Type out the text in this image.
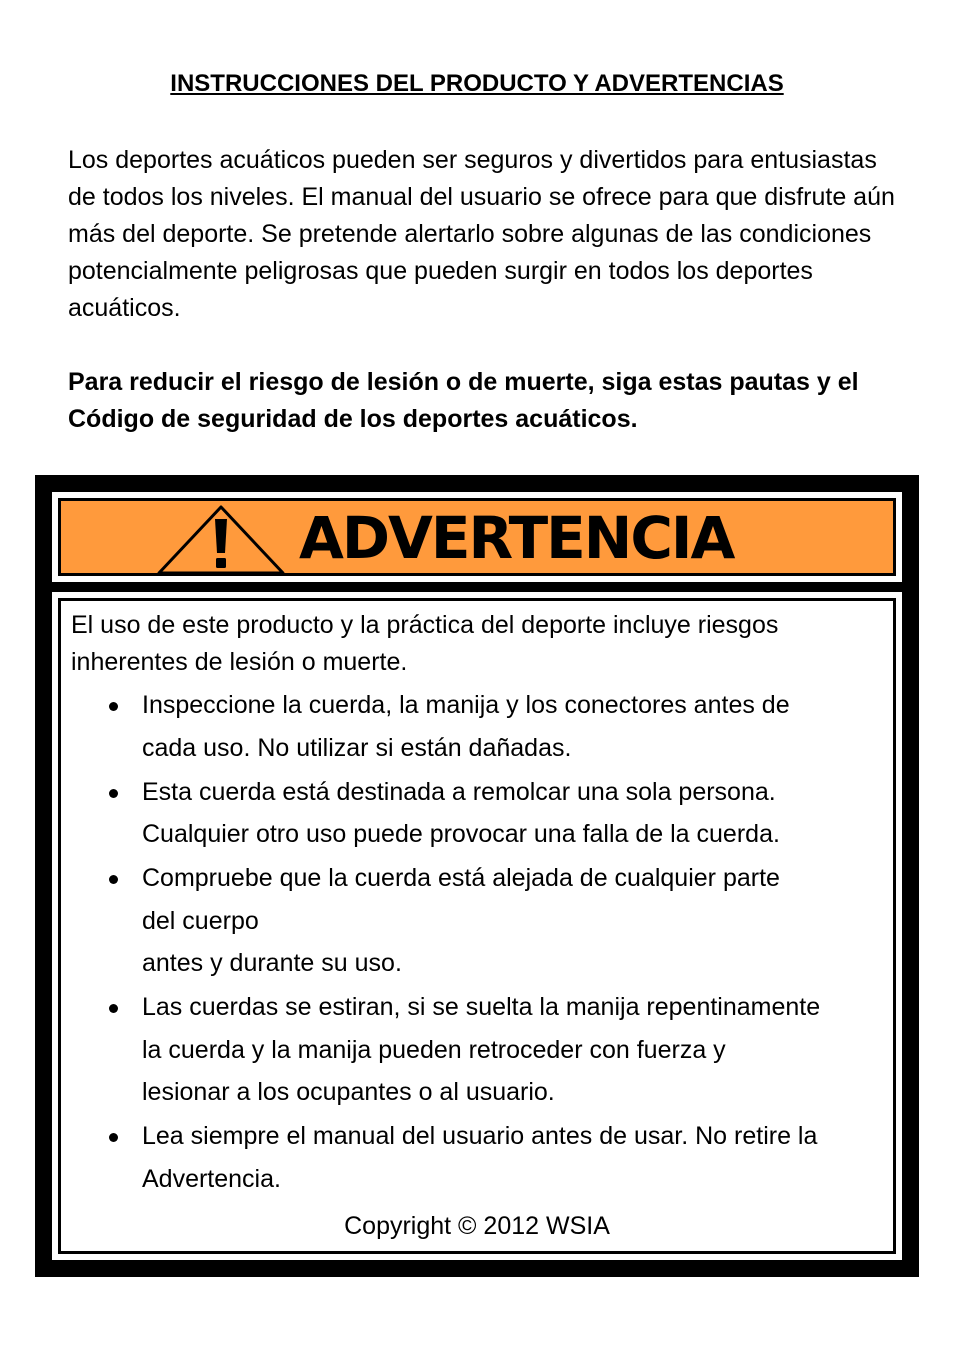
INSTRUCCIONES DEL PRODUCTO Y ADVERTENCIAS

Los deportes acuáticos pueden ser seguros y divertidos para entusiastas de todos los niveles. El manual del usuario se ofrece para que disfrute aún más del deporte. Se pretende alertarlo sobre algunas de las condiciones potencialmente peligrosas que pueden surgir en todos los deportes acuáticos.

Para reducir el riesgo de lesión o de muerte, siga estas pautas y el Código de seguridad de los deportes acuáticos.

ADVERTENCIA

El uso de este producto y la práctica del deporte incluye riesgos inherentes de lesión o muerte.

Inspeccione la cuerda, la manija y los conectores antes de
cada uso. No utilizar si están dañadas.
Esta cuerda está destinada a remolcar una sola persona.
Cualquier otro uso puede provocar una falla de la cuerda.
Compruebe que la cuerda está alejada de cualquier parte
del cuerpo
antes y durante su uso.
Las cuerdas se estiran, si se suelta la manija repentinamente
la cuerda y la manija pueden retroceder con fuerza y
lesionar a los ocupantes o al usuario.
Lea siempre el manual del usuario antes de usar. No retire la
Advertencia.
Copyright © 2012 WSIA
